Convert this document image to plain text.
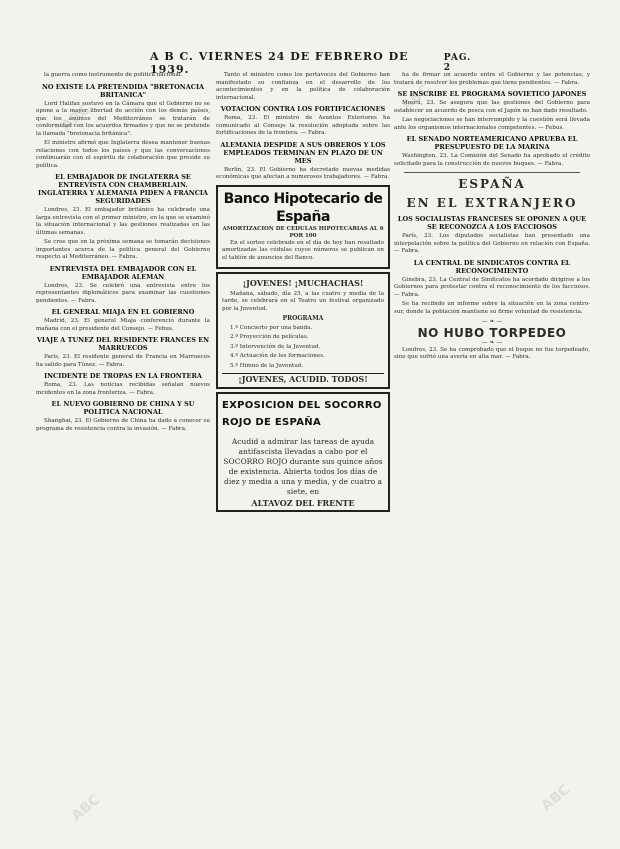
A B C. VIERNES 24 DE FEBRERO DE 1939.
PAG. 2
ABC
ABC
ABC	ABC

la guerra como instrumento de política nacional.

NO EXISTE LA PRETENDIDA "BRETONACIA BRITANICA"

Lord Halifax sostuvo en la Cámara que el Gobierno no se opone a la mayor libertad de acción con los demás países, que los asuntos del Mediterráneo se tratarán de conformidad con los acuerdos firmados y que no se pretende la llamada "bretonacia británica".

El ministro afirmó que Inglaterra desea mantener buenas relaciones con todos los países y que las conversaciones continuarán con el espíritu de colaboración que preside su política.

EL EMBAJADOR DE INGLATERRA SE ENTREVISTA CON CHAMBERLAIN. INGLATERRA Y ALEMANIA PIDEN A FRANCIA SEGURIDADES

Londres, 23. El embajador británico ha celebrado una larga entrevista con el primer ministro, en la que se examinó la situación internacional y las gestiones realizadas en las últimas semanas.

Se cree que en la próxima semana se tomarán decisiones importantes acerca de la política general del Gobierno respecto al Mediterráneo. — Fabra.

ENTREVISTA DEL EMBAJADOR CON EL EMBAJADOR ALEMAN

Londres, 23. Se celebró una entrevista entre los representantes diplomáticos para examinar las cuestiones pendientes. — Fabra.

EL GENERAL MIAJA EN EL GOBIERNO

Madrid, 23. El general Miaja conferenció durante la mañana con el presidente del Consejo. — Febus.

VIAJE A TUNEZ DEL RESIDENTE FRANCES EN MARRUECOS

París, 23. El residente general de Francia en Marruecos ha salido para Túnez. — Fabra.

INCIDENTE DE TROPAS EN LA FRONTERA

Roma, 23. Las noticias recibidas señalan nuevos incidentes en la zona fronteriza. — Fabra.

EL NUEVO GOBIERNO DE CHINA Y SU POLITICA NACIONAL

Shanghai, 23. El Gobierno de China ha dado a conocer su programa de resistencia contra la invasión. — Fabra.

Tanto el ministro como los portavoces del Gobierno han manifestado su confianza en el desarrollo de los acontecimientos y en la política de colaboración internacional.

VOTACION CONTRA LOS FORTIFICACIONES

Roma, 23. El ministro de Asuntos Exteriores ha comunicado al Consejo la resolución adoptada sobre las fortificaciones de la frontera. — Fabra.

ALEMANIA DESPIDE A SUS OBREROS Y LOS EMPLEADOS TERMINAN EN PLAZO DE UN MES

Berlín, 23. El Gobierno ha decretado nuevas medidas económicas que afectan a numerosos trabajadores. — Fabra.

Banco Hipotecario de España
AMORTIZACION DE CEDULAS HIPOTECARIAS AL 6 POR 100

En el sorteo celebrado en el día de hoy han resultado amortizadas las cédulas cuyos números se publican en el tablón de anuncios del Banco.

¡JOVENES! ¡MUCHACHAS!

Mañana, sábado, día 25, a las cuatro y media de la tarde, se celebrará en el Teatro un festival organizado por la Juventud.

PROGRAMA

1.º Concierto por una banda.

2.º Proyección de películas.

3.º Intervención de la Juventud.

4.º Actuación de los formaciones.

5.º Himno de la Juventud.

¡JOVENES, ACUDID. TODOS!
EXPOSICION DEL SOCORRO
ROJO DE ESPAÑA
Acudid a admirar las tareas de ayuda antifascista llevadas a cabo por el SOCORRO ROJO durante sus quince años de existencia. Abierta todos los días de diez y media a una y media, y de cuatro a siete, en
ALTAVOZ DEL FRENTE

ha de firmar un acuerdo entre el Gobierno y las potencias, y tratará de resolver los problemas que tiene pendientes. — Fabra.

SE INSCRIBE EL PROGRAMA SOVIETICO JAPONES

Moscú, 23. Se asegura que las gestiones del Gobierno para establecer un acuerdo de pesca con el Japón no han dado resultado.

Las negociaciones se han interrumpido y la cuestión será llevada ante los organismos internacionales competentes. — Febus.

EL SENADO NORTEAMERICANO APRUEBA EL PRESUPUESTO DE LA MARINA

Washington, 23. La Comisión del Senado ha aprobado el crédito solicitado para la construcción de nuevos buques. — Fabra.

ESPAÑA
EN EL EXTRANJERO
LOS SOCIALISTAS FRANCESES SE OPONEN A QUE SE RECONOZCA A LOS FACCIOSOS

París, 23. Los diputados socialistas han presentado una interpelación sobre la política del Gobierno en relación con España. — Fabra.

LA CENTRAL DE SINDICATOS CONTRA EL RECONOCIMIENTO

Ginebra, 23. La Central de Sindicatos ha acordado dirigirse a los Gobiernos para protestar contra el reconocimiento de los facciosos. — Fabra.

Se ha recibido un informe sobre la situación en la zona centro-sur, donde la población mantiene su firme voluntad de resistencia.

— ❧ —
NO HUBO TORPEDEO
— ❧ —

Londres, 23. Se ha comprobado que el buque no fue torpedeado, sino que sufrió una avería en alta mar. — Fabra.
